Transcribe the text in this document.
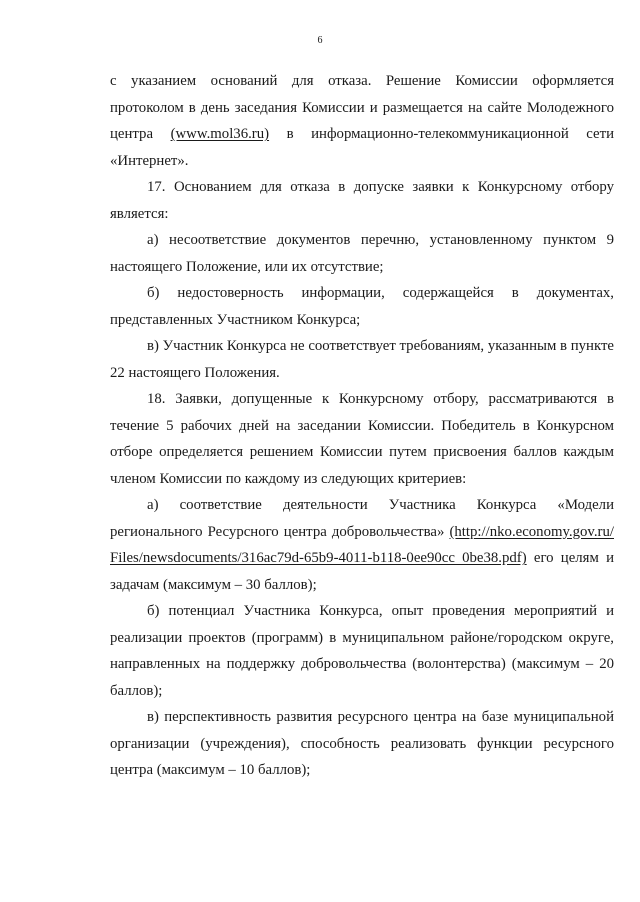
6

с указанием оснований для отказа. Решение Комиссии оформляется протоколом в день заседания Комиссии и размещается на сайте Молодежного центра (www.mol36.ru) в информационно-телекоммуникационной сети «Интернет».

17. Основанием для отказа в допуске заявки к Конкурсному отбору является:

а) несоответствие документов перечню, установленному пунктом 9 настоящего Положение, или их отсутствие;

б) недостоверность информации, содержащейся в документах, представленных Участником Конкурса;

в) Участник Конкурса не соответствует требованиям, указанным в пункте 22 настоящего Положения.

18. Заявки, допущенные к Конкурсному отбору, рассматриваются в течение 5 рабочих дней на заседании Комиссии. Победитель в Конкурсном отборе определяется решением Комиссии путем присвоения баллов каждым членом Комиссии по каждому из следующих критериев:

а) соответствие деятельности Участника Конкурса «Модели регионального Ресурсного центра добровольчества» (http://nko.economy.gov.ru/ Files/newsdocuments/316ac79d-65b9-4011-b118-0ee90cc 0be38.pdf) его целям и задачам (максимум – 30 баллов);

б) потенциал Участника Конкурса, опыт проведения мероприятий и реализации проектов (программ) в муниципальном районе/городском округе, направленных на поддержку добровольчества (волонтерства) (максимум – 20 баллов);

в) перспективность развития ресурсного центра на базе муниципальной организации (учреждения), способность реализовать функции ресурсного центра (максимум – 10 баллов);
